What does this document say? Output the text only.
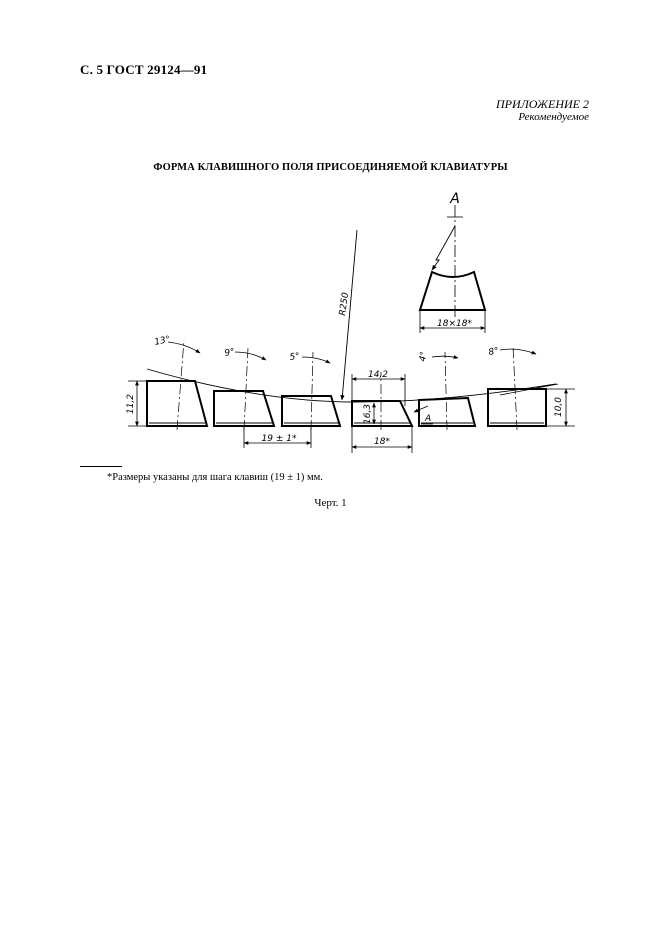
С. 5 ГОСТ 29124—91
ПРИЛОЖЕНИЕ 2
Рекомендуемое
ФОРМА КЛАВИШНОГО ПОЛЯ ПРИСОЕДИНЯЕМОЙ КЛАВИАТУРЫ
А
18×18*
R250
13°
9°	5°	4°	8°
11,2	10,0
19 ± 1*	18*
14,2
16,3	А
*Размеры указаны для шага клавиш (19 ± 1) мм.
Черт. 1
